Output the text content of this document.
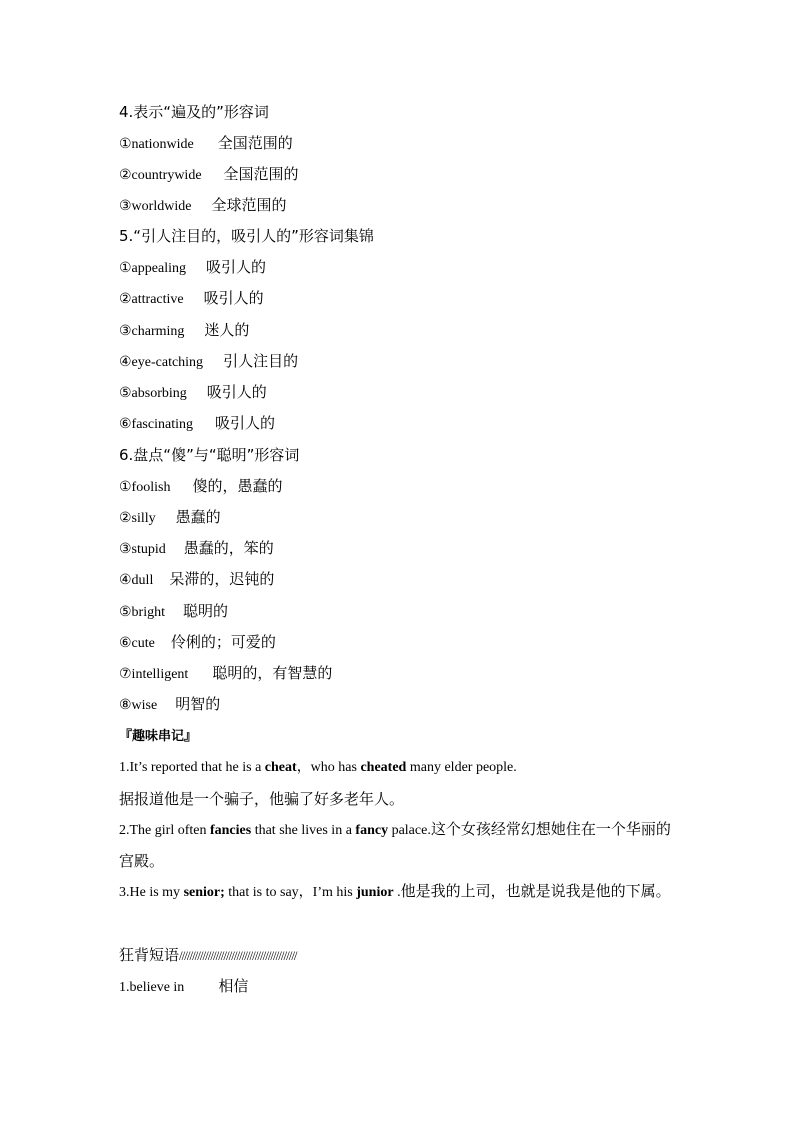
4.表示“遍及的”形容词
①nationwide 全国范围的
②countrywide 全国范围的
③worldwide 全球范围的
5.“引人注目的，吸引人的”形容词集锦
①appealing 吸引人的
②attractive 吸引人的
③charming 迷人的
④eye-catching 引人注目的
⑤absorbing 吸引人的
⑥fascinating 吸引人的
6.盘点“傻”与“聪明”形容词
①foolish 傻的，愚蠢的
②silly 愚蠢的
③stupid 愚蠢的，笨的
④dull 呆滞的，迟钝的
⑤bright 聪明的
⑥cute 伶俐的；可爱的
⑦intelligent 聪明的，有智慧的
⑧wise 明智的
『趣味串记』
1.It’s reported that he is a cheat，who has cheated many elder people.
据报道他是一个骗子，他骗了好多老年人。
2.The girl often fancies that she lives in a fancy palace.这个女孩经常幻想她住在一个华丽的宫殿。
3.He is my senior; that is to say，I’m his junior .他是我的上司，也就是说我是他的下属。
狂背短语/////////////////////////////////////////////
1.believe in 相信
